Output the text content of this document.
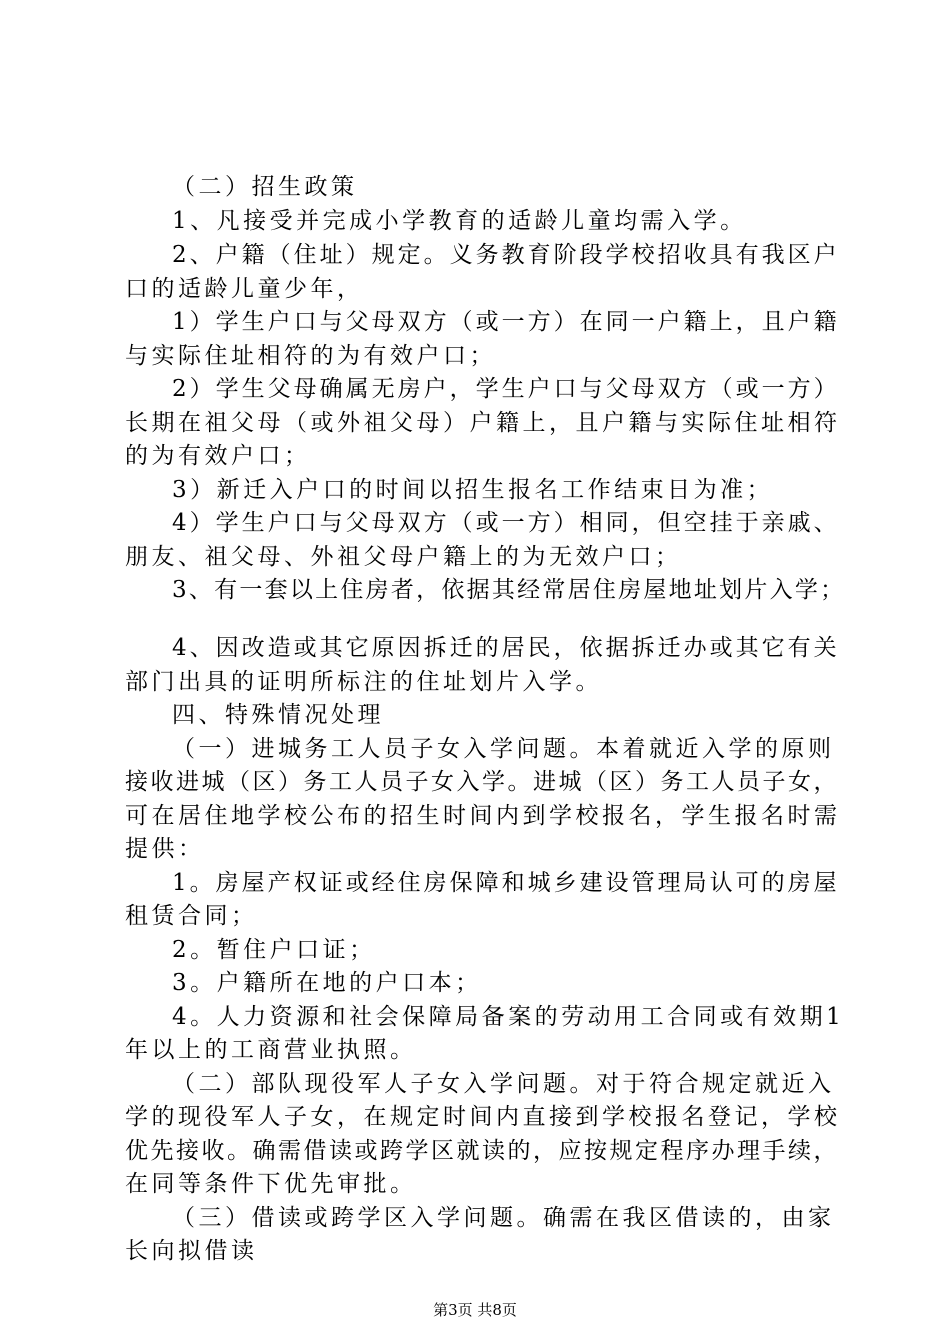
（二）招生政策
1、凡接受并完成小学教育的适龄儿童均需入学。
2、户籍（住址）规定。义务教育阶段学校招收具有我区户
口的适龄儿童少年，
1）学生户口与父母双方（或一方）在同一户籍上，且户籍
与实际住址相符的为有效户口；
2）学生父母确属无房户，学生户口与父母双方（或一方）
长期在祖父母（或外祖父母）户籍上，且户籍与实际住址相符
的为有效户口；
3）新迁入户口的时间以招生报名工作结束日为准；
4）学生户口与父母双方（或一方）相同，但空挂于亲戚、
朋友、祖父母、外祖父母户籍上的为无效户口；
3、有一套以上住房者，依据其经常居住房屋地址划片入学；
4、因改造或其它原因拆迁的居民，依据拆迁办或其它有关
部门出具的证明所标注的住址划片入学。
四、特殊情况处理
（一）进城务工人员子女入学问题。本着就近入学的原则
接收进城（区）务工人员子女入学。进城（区）务工人员子女，
可在居住地学校公布的招生时间内到学校报名，学生报名时需
提供：
1。房屋产权证或经住房保障和城乡建设管理局认可的房屋
租赁合同；
2。暂住户口证；
3。户籍所在地的户口本；
4。人力资源和社会保障局备案的劳动用工合同或有效期1
年以上的工商营业执照。
（二）部队现役军人子女入学问题。对于符合规定就近入
学的现役军人子女，在规定时间内直接到学校报名登记，学校
优先接收。确需借读或跨学区就读的，应按规定程序办理手续，
在同等条件下优先审批。
（三）借读或跨学区入学问题。确需在我区借读的，由家
长向拟借读
第3页 共8页
